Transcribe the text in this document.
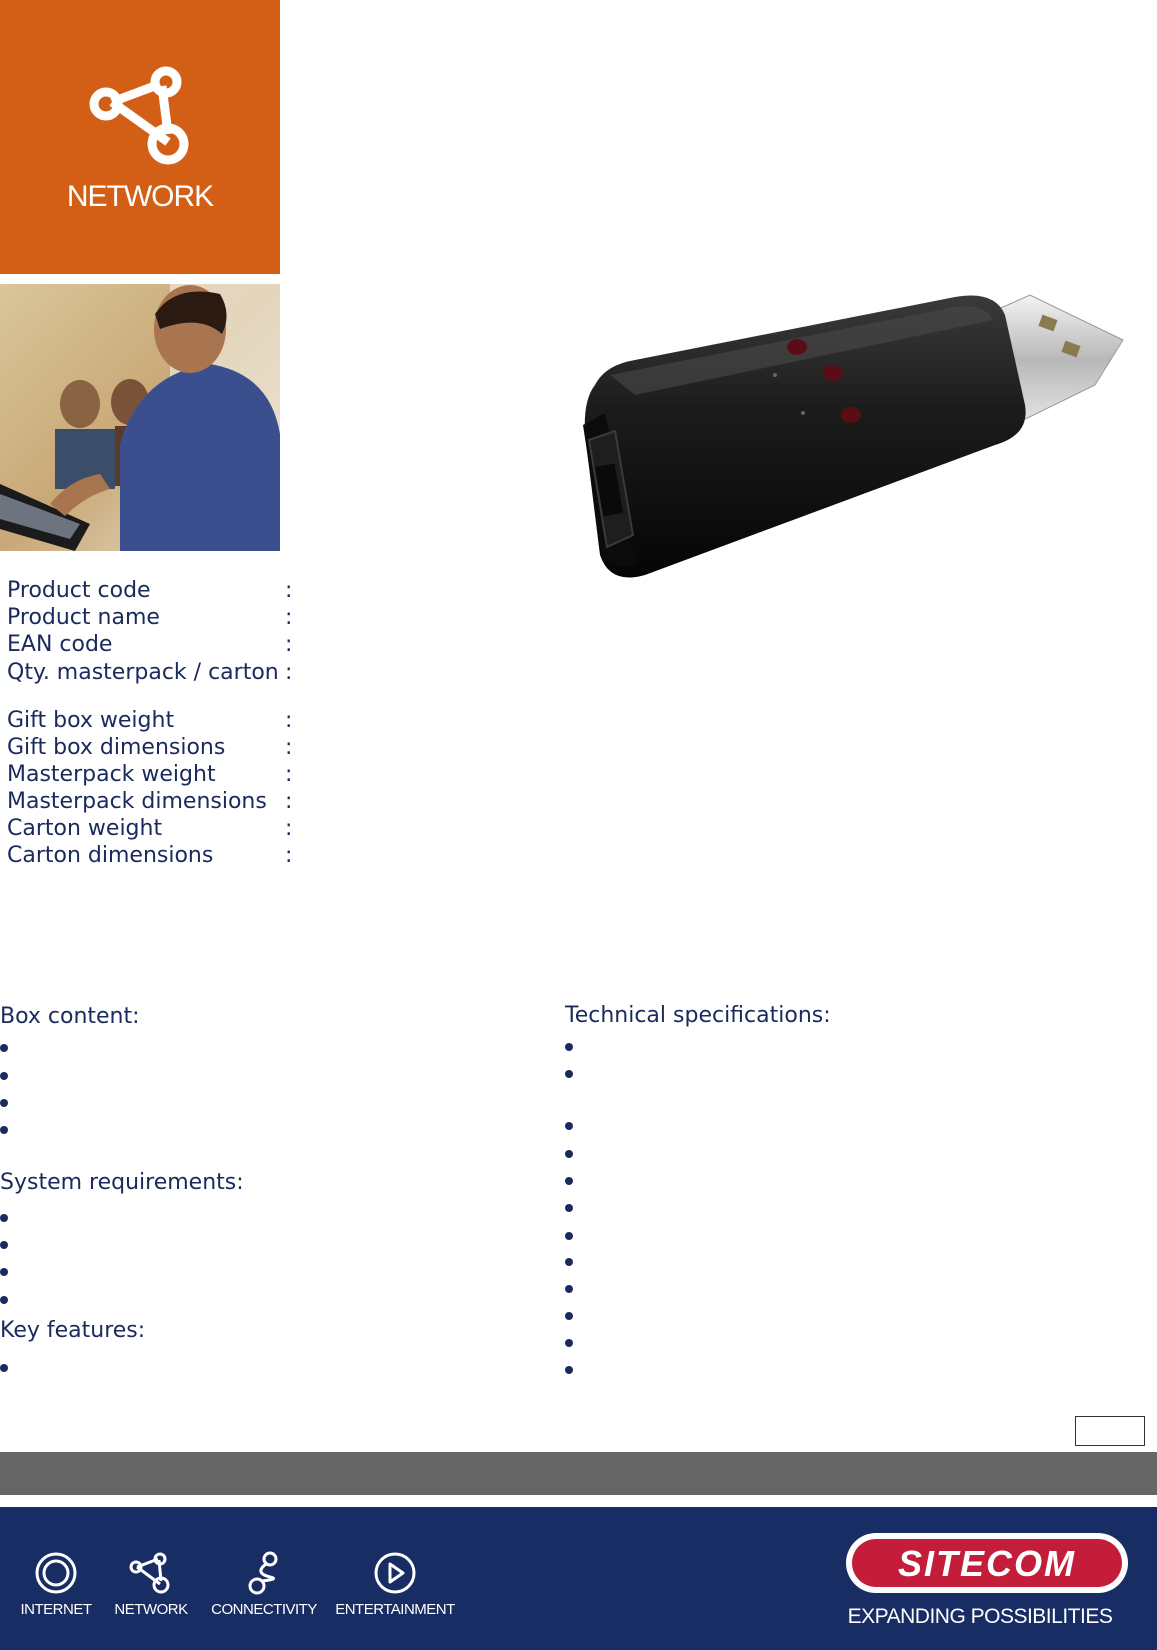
NETWORK
Product code	:
Product name	:
EAN code	:
Qty. masterpack / carton :
Gift box weight	:
Gift box dimensions	:
Masterpack weight	:
Masterpack dimensions :
Carton weight	:
Carton dimensions	:
Box content:
System requirements:
Key features:
Technical specifications:
INTERNET	NETWORK	CONNECTIVITY	ENTERTAINMENT
SITECOM
EXPANDING POSSIBILITIES
